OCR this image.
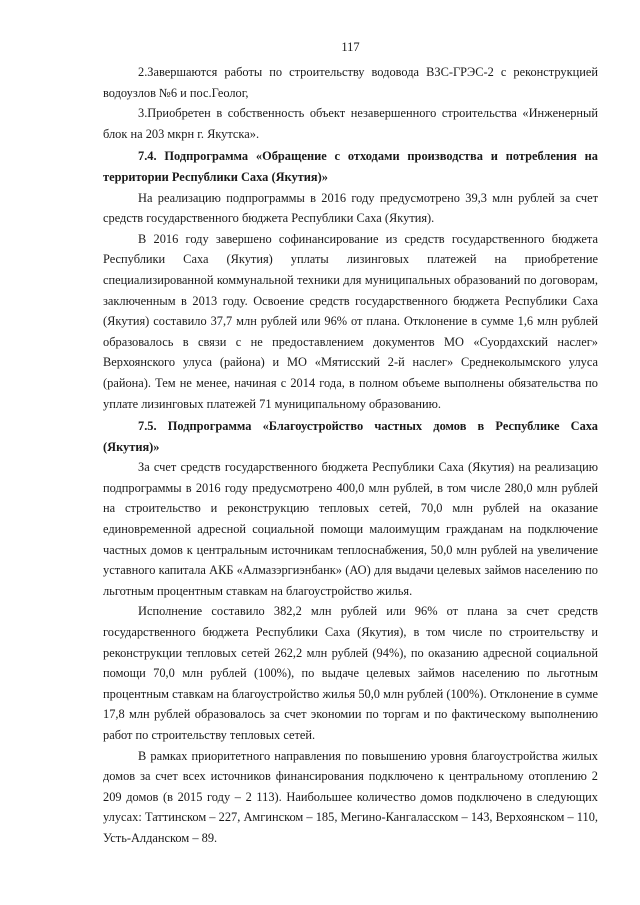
117

2.Завершаются работы по строительству водовода ВЗС-ГРЭС-2 с реконструкцией водоузлов №6 и пос.Геолог,

3.Приобретен в собственность объект незавершенного строительства «Инженерный блок на 203 мкрн г. Якутска».

7.4. Подпрограмма «Обращение с отходами производства и потребления на территории Республики Саха (Якутия)»

На реализацию подпрограммы в 2016 году предусмотрено 39,3 млн рублей за счет средств государственного бюджета Республики Саха (Якутия).

В 2016 году завершено софинансирование из средств государственного бюджета Республики Саха (Якутия) уплаты лизинговых платежей на приобретение специализированной коммунальной техники для муниципальных образований по договорам, заключенным в 2013 году. Освоение средств государственного бюджета Республики Саха (Якутия) составило 37,7 млн рублей или 96% от плана. Отклонение в сумме 1,6 млн рублей образовалось в связи с не предоставлением документов МО «Суордахский наслег» Верхоянского улуса (района) и МО «Мятисский 2-й наслег» Среднеколымского улуса (района). Тем не менее, начиная с 2014 года, в полном объеме выполнены обязательства по уплате лизинговых платежей 71 муниципальному образованию.

7.5. Подпрограмма «Благоустройство частных домов в Республике Саха (Якутия)»

За счет средств государственного бюджета Республики Саха (Якутия) на реализацию подпрограммы в 2016 году предусмотрено 400,0 млн рублей, в том числе 280,0 млн рублей на строительство и реконструкцию тепловых сетей, 70,0 млн рублей на оказание единовременной адресной социальной помощи малоимущим гражданам на подключение частных домов к центральным источникам теплоснабжения, 50,0 млн рублей на увеличение уставного капитала АКБ «Алмазэргиэнбанк» (АО) для выдачи целевых займов населению по льготным процентным ставкам на благоустройство жилья.

Исполнение составило 382,2 млн рублей или 96% от плана за счет средств государственного бюджета Республики Саха (Якутия), в том числе по строительству и реконструкции тепловых сетей 262,2 млн рублей (94%), по оказанию адресной социальной помощи 70,0 млн рублей (100%), по выдаче целевых займов населению по льготным процентным ставкам на благоустройство жилья 50,0 млн рублей (100%). Отклонение в сумме 17,8 млн рублей образовалось за счет экономии по торгам и по фактическому выполнению работ по строительству тепловых сетей.

В рамках приоритетного направления по повышению уровня благоустройства жилых домов за счет всех источников финансирования подключено к центральному отоплению 2 209 домов (в 2015 году – 2 113). Наибольшее количество домов подключено в следующих улусах: Таттинском – 227, Амгинском – 185, Мегино-Кангаласском – 143, Верхоянском – 110, Усть-Алданском – 89.
